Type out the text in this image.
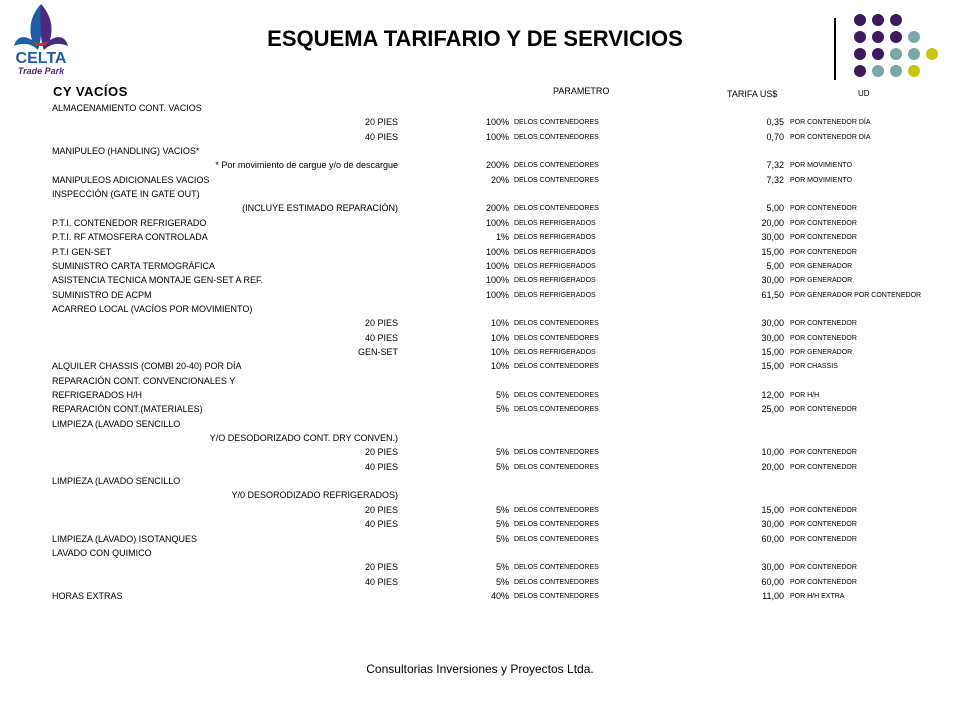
CELTA
Trade Park
ESQUEMA TARIFARIO Y DE SERVICIOS
CY VACÍOS	PARAMETRO	TARIFA US$	UD
ALMACENAMIENTO CONT. VACIOS
20 PIES	100% DELOS CONTENEDORES	0,35 POR CONTENEDOR DÍA
40 PIES	100% DELOS CONTENEDORES	0,70 POR CONTENEDOR DÍA
MANIPULEO (HANDLING) VACIOS*
* Por movimiento de cargue y/o de descargue	200% DELOS CONTENEDORES	7,32 POR MOVIMIENTO
MANIPULEOS ADICIONALES VACIOS	20% DELOS CONTENEDORES	7,32 POR MOVIMIENTO
INSPECCIÓN (GATE IN GATE OUT)
(INCLUYE ESTIMADO REPARACIÓN)	200% DELOS CONTENEDORES	5,00 POR CONTENEDOR
P.T.I. CONTENEDOR REFRIGERADO	100% DELOS REFRIGERADOS	20,00 POR CONTENEDOR
P.T.I. RF ATMOSFERA CONTROLADA	1% DELOS REFRIGERADOS	30,00 POR CONTENEDOR
P.T.I GEN-SET	100% DELOS REFRIGERADOS	15,00 POR CONTENEDOR
SUMINISTRO CARTA TERMOGRÁFICA	100% DELOS REFRIGERADOS	5,00 POR GENERADOR
ASISTENCIA TECNICA MONTAJE GEN-SET A REF.	100% DELOS REFRIGERADOS	30,00 POR GENERADOR
SUMINISTRO DE ACPM	100% DELOS REFRIGERADOS	61,50 POR GENERADOR POR CONTENEDOR
ACARREO LOCAL (VACÍOS POR MOVIMIENTO)
20 PIES	10% DELOS CONTENEDORES	30,00 POR CONTENEDOR
40 PIES	10% DELOS CONTENEDORES	30,00 POR CONTENEDOR
GEN-SET	10% DELOS REFRIGERADOS	15,00 POR GENERADOR
ALQUILER CHASSIS (COMBI 20-40) POR DÍA	10% DELOS CONTENEDORES	15,00 POR CHASSIS
REPARACIÓN CONT. CONVENCIONALES Y
REFRIGERADOS H/H	5% DELOS CONTENEDORES	12,00 POR H/H
REPARACIÓN CONT.(MATERIALES)	5% DELOS CONTENEDORES	25,00 POR CONTENEDOR
LIMPIEZA (LAVADO SENCILLO
Y/O DESODORIZADO CONT. DRY CONVEN.)
20 PIES	5% DELOS CONTENEDORES	10,00 POR CONTENEDOR
40 PIES	5% DELOS CONTENEDORES	20,00 POR CONTENEDOR
LIMPIEZA (LAVADO SENCILLO
Y/0 DESORODIZADO REFRIGERADOS)
20 PIES	5% DELOS CONTENEDORES	15,00 POR CONTENEDOR
40 PIES	5% DELOS CONTENEDORES	30,00 POR CONTENEDOR
LIMPIEZA (LAVADO) ISOTANQUES	5% DELOS CONTENEDORES	60,00 POR CONTENEDOR
LAVADO CON QUIMICO
20 PIES	5% DELOS CONTENEDORES	30,00 POR CONTENEDOR
40 PIES	5% DELOS CONTENEDORES	60,00 POR CONTENEDOR
HORAS EXTRAS	40% DELOS CONTENEDORES	11,00 POR H/H EXTRA
Consultorias Inversiones y Proyectos Ltda.
